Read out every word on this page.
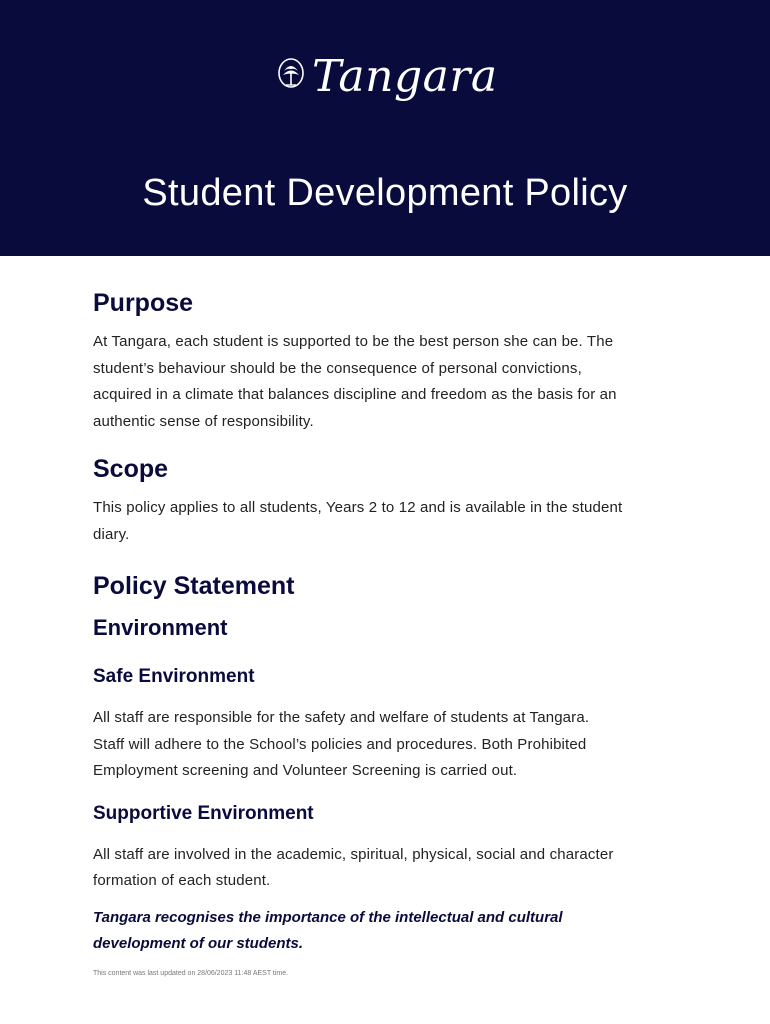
Tangara
Student Development Policy
Purpose

At Tangara, each student is supported to be the best person she can be. The

student’s behaviour should be the consequence of personal convictions,

acquired in a climate that balances discipline and freedom as the basis for an

authentic sense of responsibility.

Scope

This policy applies to all students, Years 2 to 12 and is available in the student

diary.

Policy Statement
Environment
Safe Environment

All staff are responsible for the safety and welfare of students at Tangara.

Staff will adhere to the School’s policies and procedures. Both Prohibited

Employment screening and Volunteer Screening is carried out.

Supportive Environment

All staff are involved in the academic, spiritual, physical, social and character

formation of each student.

Tangara recognises the importance of the intellectual and cultural

development of our students.

This content was last updated on 28/06/2023 11:48 AEST time.
